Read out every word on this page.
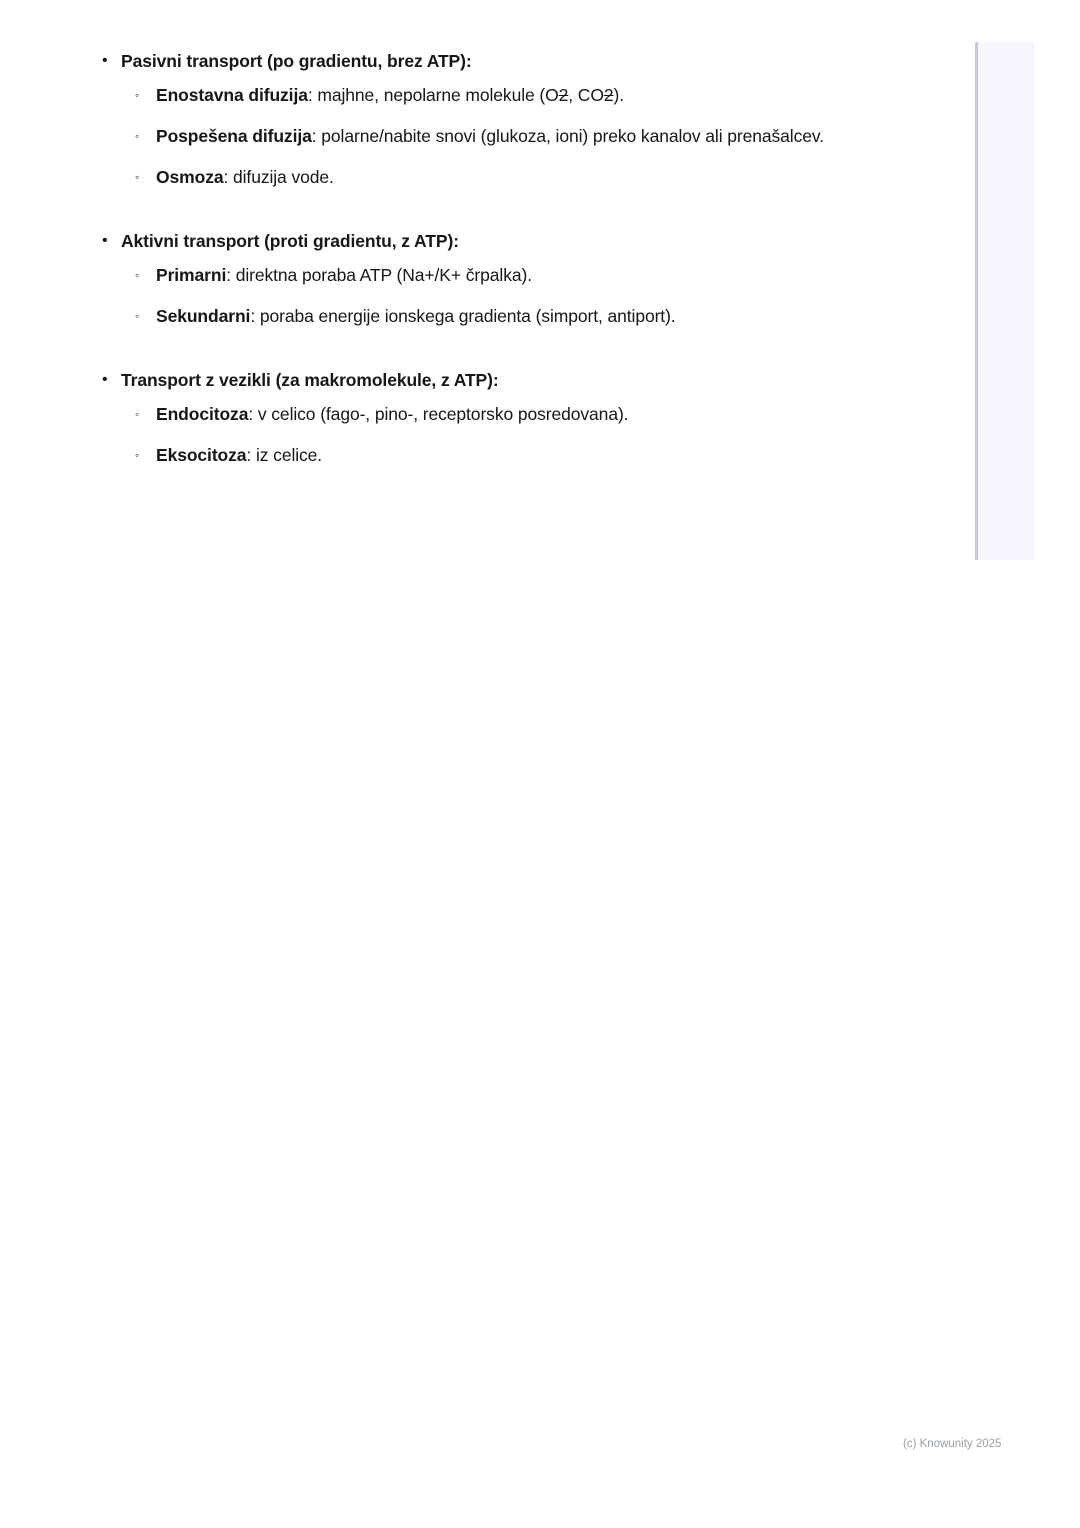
• Pasivni transport (po gradientu, brez ATP):
◦ Enostavna difuzija: majhne, nepolarne molekule (O2, CO2).
◦ Pospešena difuzija: polarne/nabite snovi (glukoza, ioni) preko kanalov ali prenašalcev.
◦ Osmoza: difuzija vode.
• Aktivni transport (proti gradientu, z ATP):
◦ Primarni: direktna poraba ATP (Na+/K+ črpalka).
◦ Sekundarni: poraba energije ionskega gradienta (simport, antiport).
• Transport z vezikli (za makromolekule, z ATP):
◦ Endocitoza: v celico (fago-, pino-, receptorsko posredovana).
◦ Eksocitoza: iz celice.
(c) Knowunity 2025
